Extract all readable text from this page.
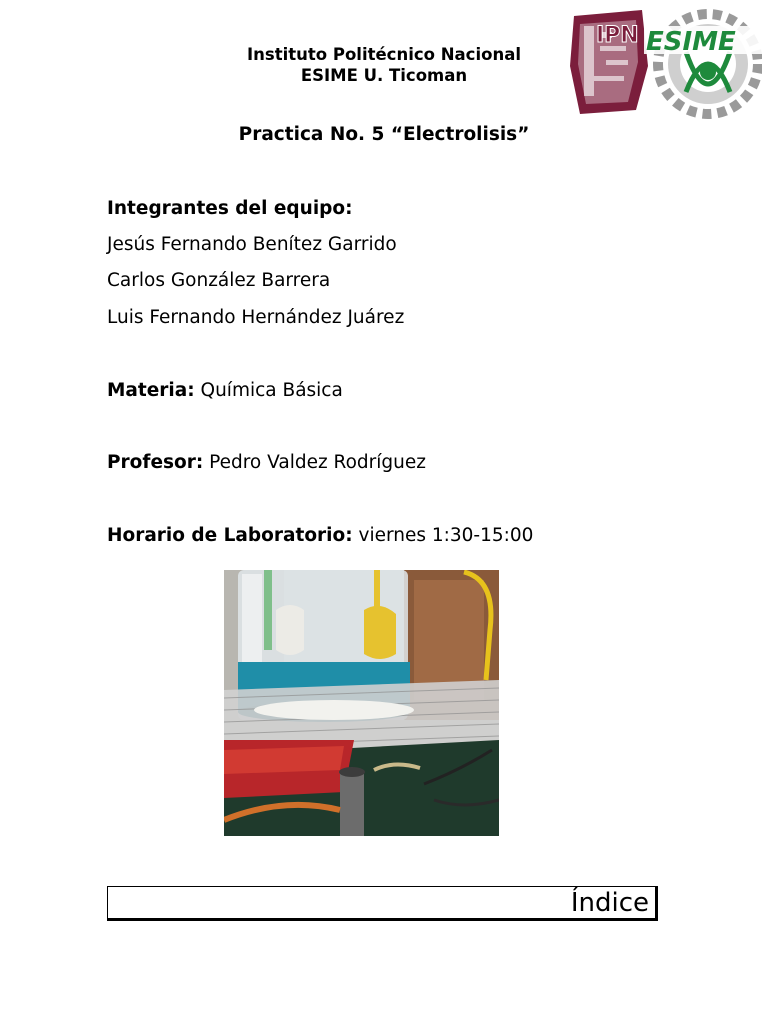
Instituto Politécnico Nacional
ESIME U. Ticoman
IPN ESIME
Practica No. 5 “Electrolisis”
Integrantes del equipo:
Jesús Fernando Benítez Garrido
Carlos González Barrera
Luis Fernando Hernández Juárez
Materia: Química Básica
Profesor: Pedro Valdez Rodríguez
Horario de Laboratorio: viernes 1:30-15:00
Índice
